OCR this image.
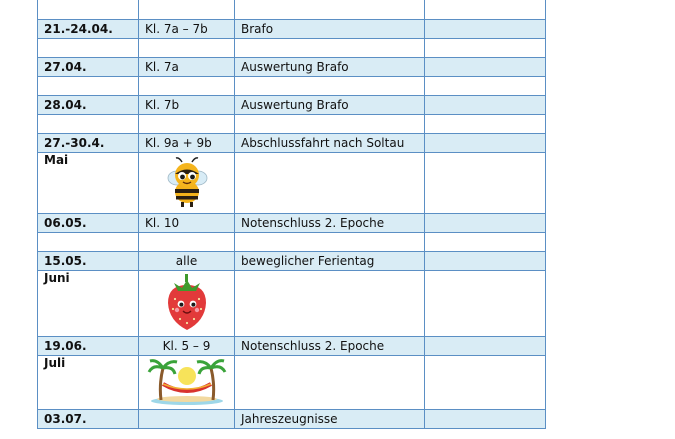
21.-24.04.	Kl. 7a – 7b	Brafo	

27.04.	Kl. 7a	Auswertung Brafo	

28.04.	Kl. 7b	Auswertung Brafo	

27.-30.4.	Kl. 9a + 9b	Abschlussfahrt nach Soltau	
Mai	

06.05.	Kl. 10	Notenschluss 2. Epoche	

15.05.	alle	beweglicher Ferientag	
Juni	

19.06.	Kl. 5 – 9	Notenschluss 2. Epoche	
Juli	

03.07.		Jahreszeugnisse	
